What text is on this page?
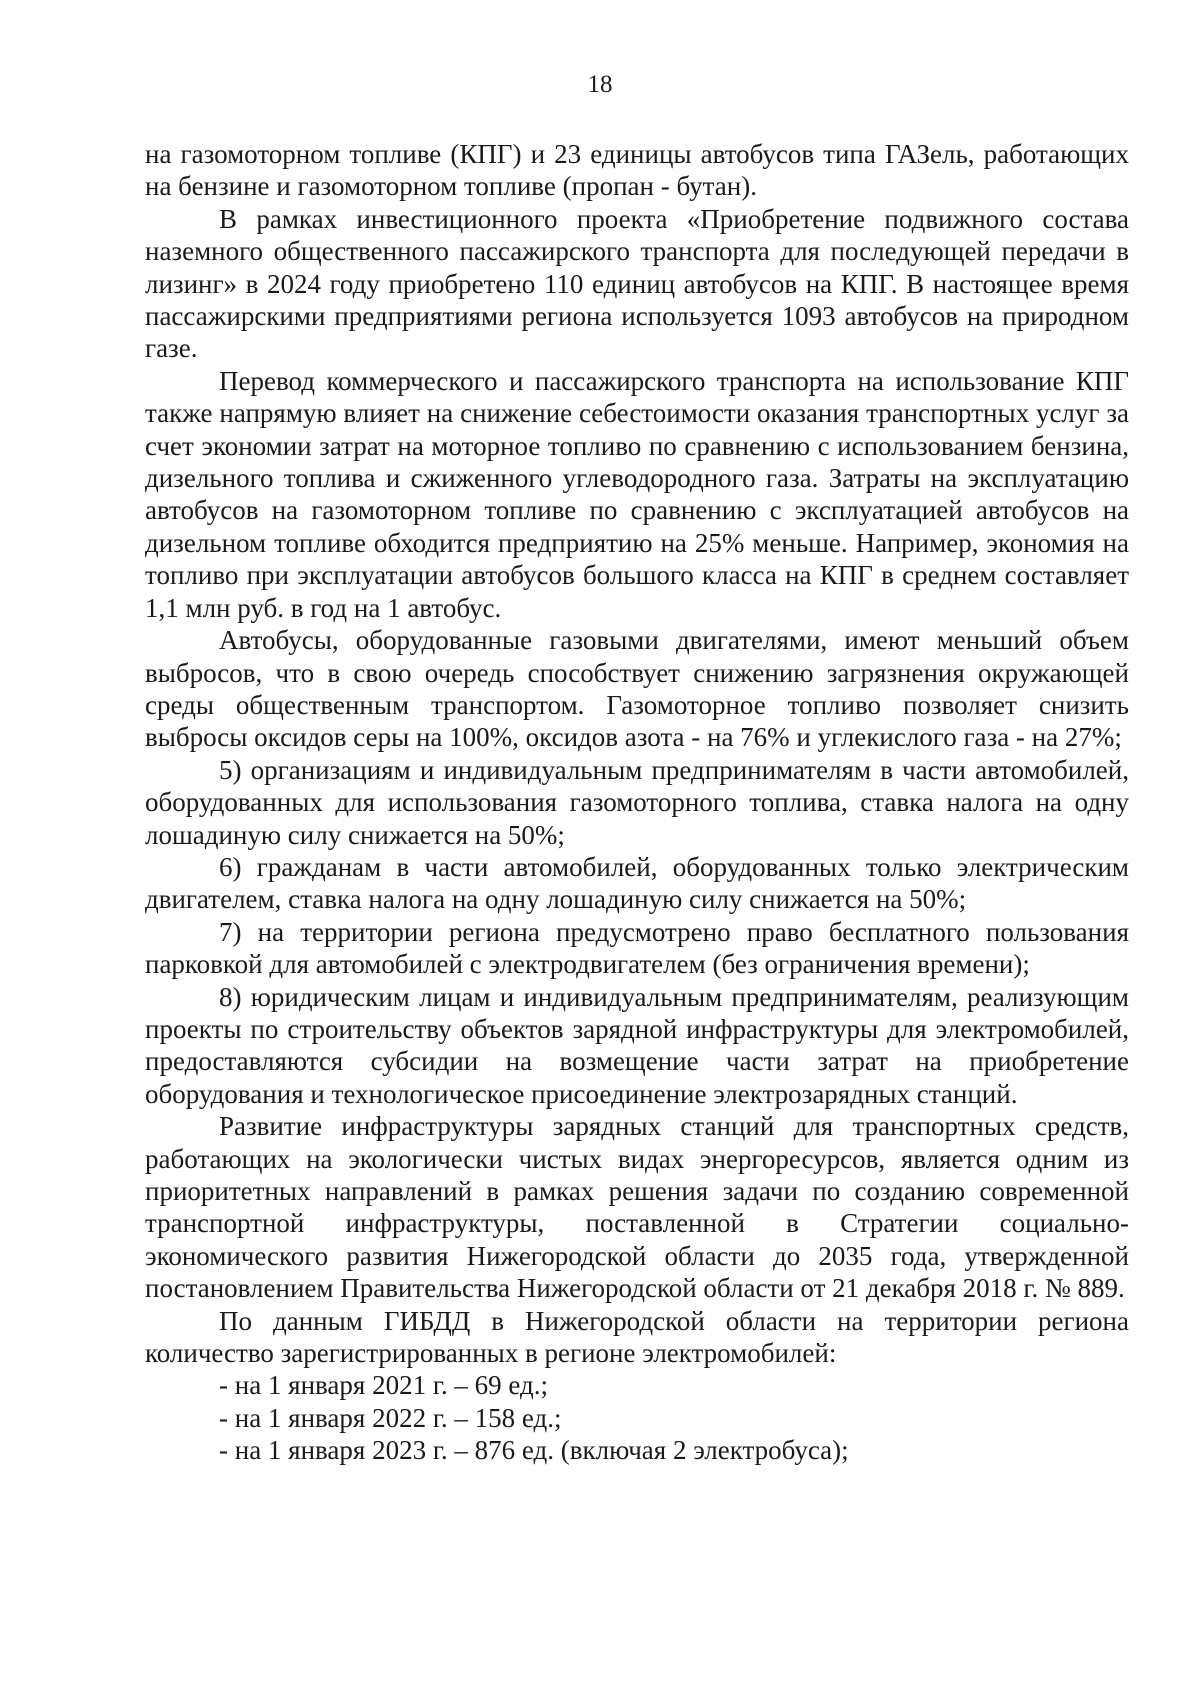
18

на газомоторном топливе (КПГ) и 23 единицы автобусов типа ГАЗель, работающих на бензине и газомоторном топливе (пропан - бутан).

В рамках инвестиционного проекта «Приобретение подвижного состава наземного общественного пассажирского транспорта для последующей передачи в лизинг» в 2024 году приобретено 110 единиц автобусов на КПГ. В настоящее время пассажирскими предприятиями региона используется 1093 автобусов на природном газе.

Перевод коммерческого и пассажирского транспорта на использование КПГ также напрямую влияет на снижение себестоимости оказания транспортных услуг за счет экономии затрат на моторное топливо по сравнению с использованием бензина, дизельного топлива и сжиженного углеводородного газа. Затраты на эксплуатацию автобусов на газомоторном топливе по сравнению с эксплуатацией автобусов на дизельном топливе обходится предприятию на 25% меньше. Например, экономия на топливо при эксплуатации автобусов большого класса на КПГ в среднем составляет 1,1 млн руб. в год на 1 автобус.

Автобусы, оборудованные газовыми двигателями, имеют меньший объем выбросов, что в свою очередь способствует снижению загрязнения окружающей среды общественным транспортом. Газомоторное топливо позволяет снизить выбросы оксидов серы на 100%, оксидов азота - на 76% и углекислого газа - на 27%;

5) организациям и индивидуальным предпринимателям в части автомобилей, оборудованных для использования газомоторного топлива, ставка налога на одну лошадиную силу снижается на 50%;

6) гражданам в части автомобилей, оборудованных только электрическим двигателем, ставка налога на одну лошадиную силу снижается на 50%;

7) на территории региона предусмотрено право бесплатного пользования парковкой для автомобилей с электродвигателем (без ограничения времени);

8) юридическим лицам и индивидуальным предпринимателям, реализующим проекты по строительству объектов зарядной инфраструктуры для электромобилей, предоставляются субсидии на возмещение части затрат на приобретение оборудования и технологическое присоединение электрозарядных станций.

Развитие инфраструктуры зарядных станций для транспортных средств, работающих на экологически чистых видах энергоресурсов, является одним из приоритетных направлений в рамках решения задачи по созданию современной транспортной инфраструктуры, поставленной в Стратегии социально-экономического развития Нижегородской области до 2035 года, утвержденной постановлением Правительства Нижегородской области от 21 декабря 2018 г. № 889.

По данным ГИБДД в Нижегородской области на территории региона количество зарегистрированных в регионе электромобилей:

- на 1 января 2021 г. – 69 ед.;

- на 1 января 2022 г. – 158 ед.;

- на 1 января 2023 г. – 876 ед. (включая 2 электробуса);
